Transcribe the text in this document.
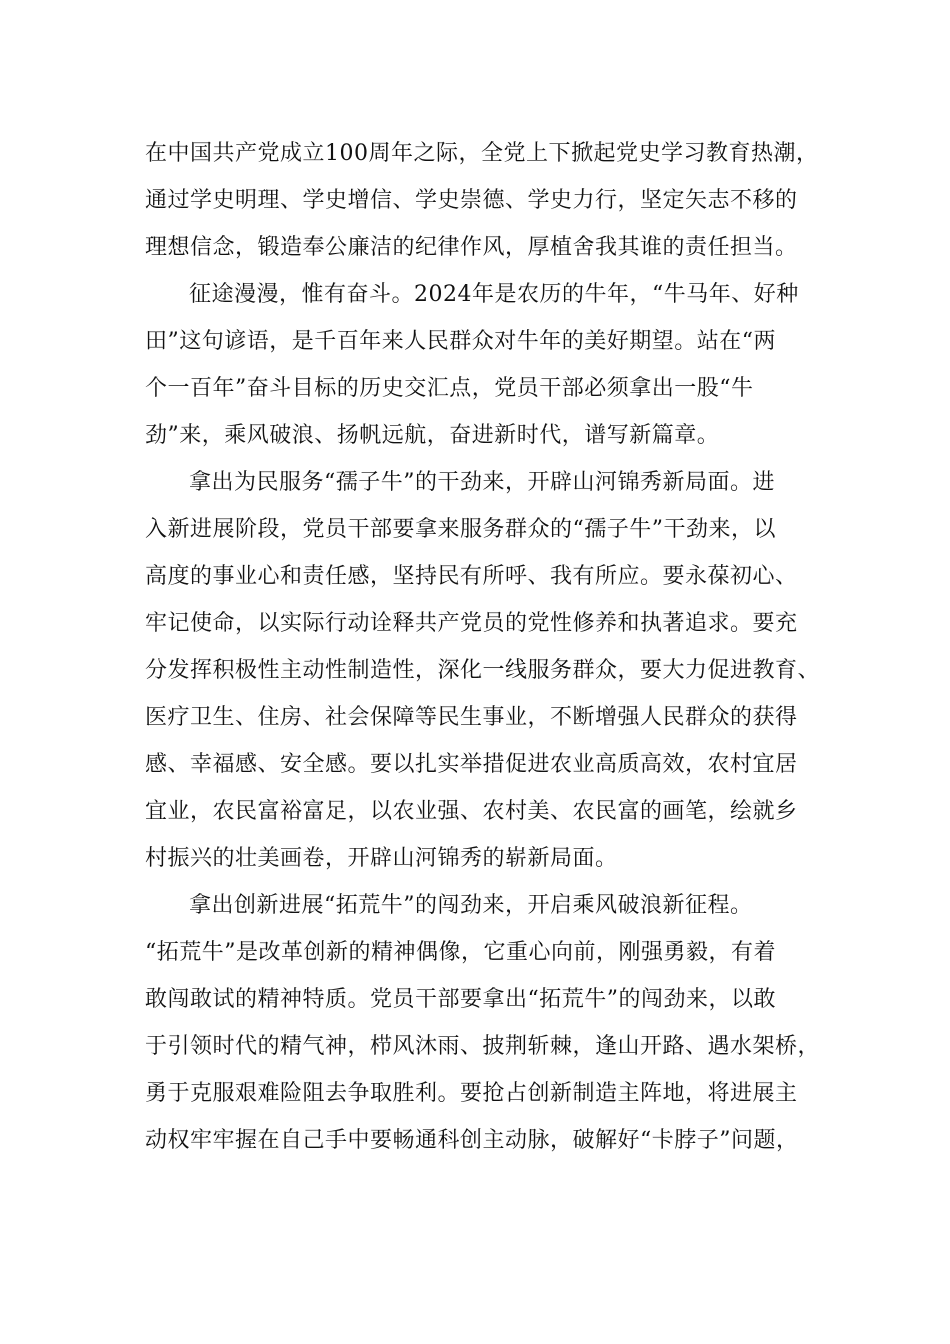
在中国共产党成立100周年之际，全党上下掀起党史学习教育热潮，
通过学史明理、学史增信、学史崇德、学史力行，坚定矢志不移的
理想信念，锻造奉公廉洁的纪律作风，厚植舍我其谁的责任担当。
征途漫漫，惟有奋斗。2024年是农历的牛年，“牛马年、好种
田”这句谚语，是千百年来人民群众对牛年的美好期望。站在“两
个一百年”奋斗目标的历史交汇点，党员干部必须拿出一股“牛
劲”来，乘风破浪、扬帆远航，奋进新时代，谱写新篇章。
拿出为民服务“孺子牛”的干劲来，开辟山河锦秀新局面。进
入新进展阶段，党员干部要拿来服务群众的“孺子牛”干劲来，以
高度的事业心和责任感，坚持民有所呼、我有所应。要永葆初心、
牢记使命，以实际行动诠释共产党员的党性修养和执著追求。要充
分发挥积极性主动性制造性，深化一线服务群众，要大力促进教育、
医疗卫生、住房、社会保障等民生事业，不断增强人民群众的获得
感、幸福感、安全感。要以扎实举措促进农业高质高效，农村宜居
宜业，农民富裕富足，以农业强、农村美、农民富的画笔，绘就乡
村振兴的壮美画卷，开辟山河锦秀的崭新局面。
拿出创新进展“拓荒牛”的闯劲来，开启乘风破浪新征程。
“拓荒牛”是改革创新的精神偶像，它重心向前，刚强勇毅，有着
敢闯敢试的精神特质。党员干部要拿出“拓荒牛”的闯劲来，以敢
于引领时代的精气神，栉风沐雨、披荆斩棘，逢山开路、遇水架桥，
勇于克服艰难险阻去争取胜利。要抢占创新制造主阵地，将进展主
动权牢牢握在自己手中要畅通科创主动脉，破解好“卡脖子”问题，
